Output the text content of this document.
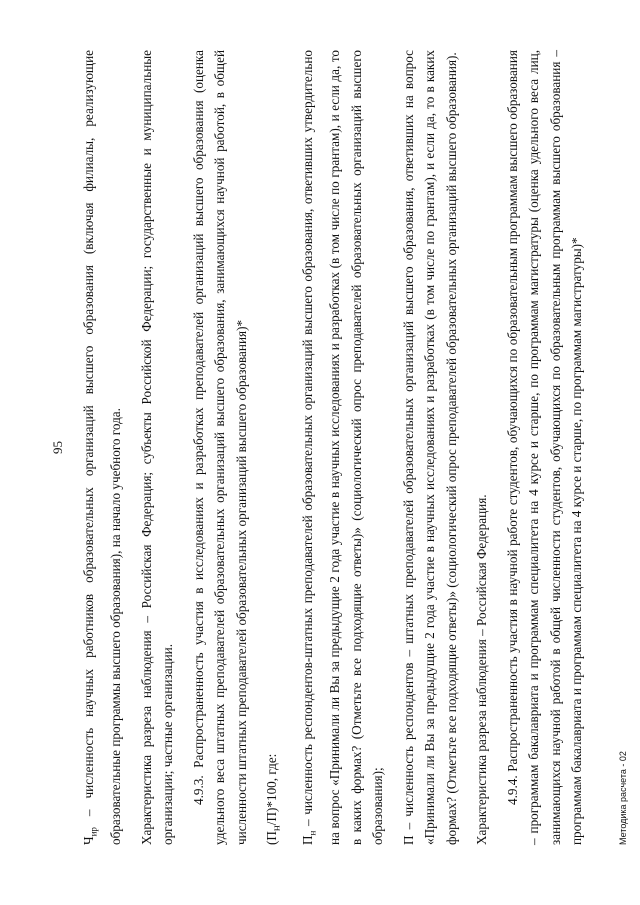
95

$Ч_{ир}$ – численность научных работников образовательных организаций высшего образования (включая филиалы, реализующие образовательные программы высшего образования), на начало учебного года. Характеристика разреза наблюдения – Российская Федерация; субъекты Российской Федерации; государственные и муниципальные организации; частные организации. 4.9.3. Распространенность участия в исследованиях и разработках преподавателей организаций высшего образования (оценка удельного веса штатных преподавателей образовательных организаций высшего образования, занимающихся научной работой, в общей численности штатных преподавателей образовательных организаций высшего образования)* $(П_н/П)*100$, где:

$П_н$ – численность респондентов-штатных преподавателей образовательных организаций высшего образования, ответивших утвердительно на вопрос «Принимали ли Вы за предыдущие 2 года участие в научных исследованиях и разработках (в том числе по грантам), и если да, то в каких формах? (Отметьте все подходящие ответы)» (социологический опрос преподавателей образовательных организаций высшего образования); П – численность респондентов – штатных преподавателей образовательных организаций высшего образования, ответивших на вопрос «Принимали ли Вы за предыдущие 2 года участие в научных исследованиях и разработках (в том числе по грантам), и если да, то в каких формах? (Отметьте все подходящие ответы)» (социологический опрос преподавателей образовательных организаций высшего образования). Характеристика разреза наблюдения – Российская Федерация. 4.9.4. Распространенность участия в научной работе студентов, обучающихся по образовательным программам высшего образования – программам бакалавриата и программам специалитета на 4 курсе и старше, по программам магистратуры (оценка удельного веса лиц, занимающихся научной работой в общей численности студентов, обучающихся по образовательным программам высшего образования – программам бакалавриата и программам специалитета на 4 курсе и старше, по программам магистратуры)*	Методика расчета - 02
